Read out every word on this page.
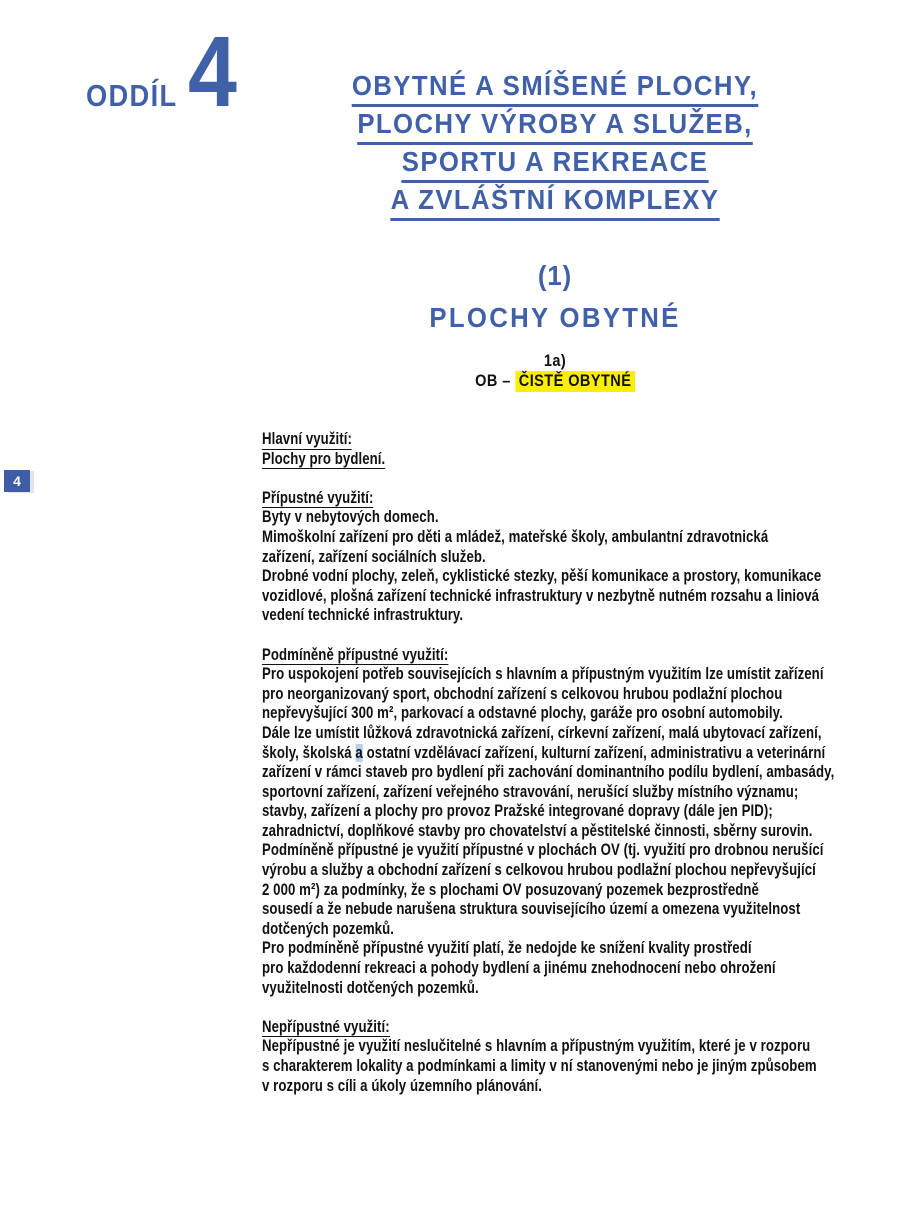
4
ODDÍL 4	OBYTNÉ A SMÍŠENÉ PLOCHY,
PLOCHY VÝROBY A SLUŽEB,
SPORTU A REKREACE
A ZVLÁŠTNÍ KOMPLEXY
(1)
PLOCHY OBYTNÉ
1a)
OB – ČISTĚ OBYTNÉ
Hlavní využití:
Plochy pro bydlení.
Přípustné využití:
Byty v nebytových domech.
Mimoškolní zařízení pro děti a mládež, mateřské školy, ambulantní zdravotnická
zařízení, zařízení sociálních služeb.
Drobné vodní plochy, zeleň, cyklistické stezky, pěší komunikace a prostory, komunikace
vozidlové, plošná zařízení technické infrastruktury v nezbytně nutném rozsahu a liniová
vedení technické infrastruktury.
Podmíněně přípustné využití:
Pro uspokojení potřeb souvisejících s hlavním a přípustným využitím lze umístit zařízení
pro neorganizovaný sport, obchodní zařízení s celkovou hrubou podlažní plochou
nepřevyšující 300 m², parkovací a odstavné plochy, garáže pro osobní automobily.
Dále lze umístit lůžková zdravotnická zařízení, církevní zařízení, malá ubytovací zařízení,
školy, školská a ostatní vzdělávací zařízení, kulturní zařízení, administrativu a veterinární
zařízení v rámci staveb pro bydlení při zachování dominantního podílu bydlení, ambasády,
sportovní zařízení, zařízení veřejného stravování, nerušící služby místního významu;
stavby, zařízení a plochy pro provoz Pražské integrované dopravy (dále jen PID);
zahradnictví, doplňkové stavby pro chovatelství a pěstitelské činnosti, sběrny surovin.
Podmíněně přípustné je využití přípustné v plochách OV (tj. využití pro drobnou nerušící
výrobu a služby a obchodní zařízení s celkovou hrubou podlažní plochou nepřevyšující
2 000 m²) za podmínky, že s plochami OV posuzovaný pozemek bezprostředně
sousedí a že nebude narušena struktura souvisejícího území a omezena využitelnost
dotčených pozemků.
Pro podmíněně přípustné využití platí, že nedojde ke snížení kvality prostředí
pro každodenní rekreaci a pohody bydlení a jinému znehodnocení nebo ohrožení
využitelnosti dotčených pozemků.
Nepřípustné využití:
Nepřípustné je využití neslučitelné s hlavním a přípustným využitím, které je v rozporu
s charakterem lokality a podmínkami a limity v ní stanovenými nebo je jiným způsobem
v rozporu s cíli a úkoly územního plánování.
